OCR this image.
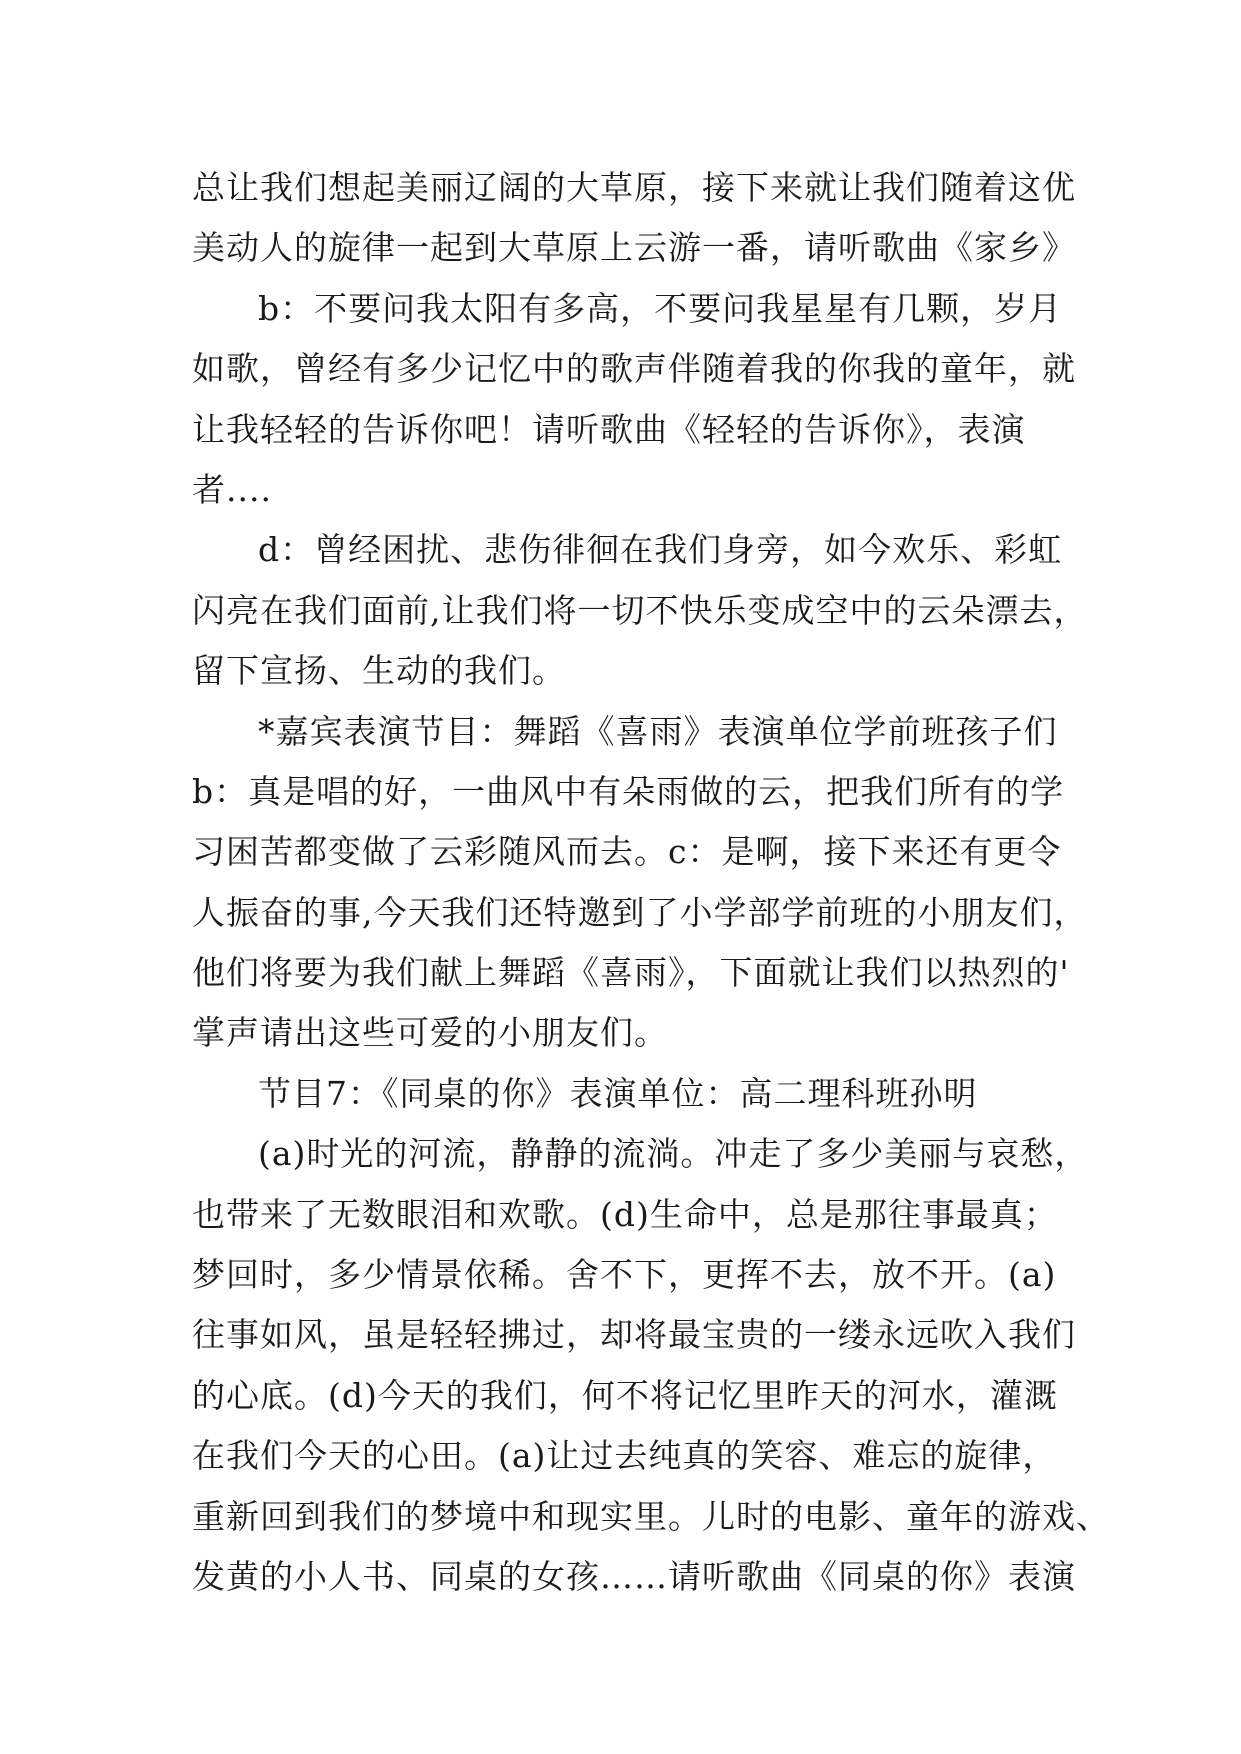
总让我们想起美丽辽阔的大草原，接下来就让我们随着这优
美动人的旋律一起到大草原上云游一番，请听歌曲《家乡》
b：不要问我太阳有多高，不要问我星星有几颗，岁月
如歌，曾经有多少记忆中的歌声伴随着我的你我的童年，就
让我轻轻的告诉你吧！请听歌曲《轻轻的告诉你》，表演
者....
d：曾经困扰、悲伤徘徊在我们身旁，如今欢乐、彩虹
闪亮在我们面前,让我们将一切不快乐变成空中的云朵漂去，
留下宣扬、生动的我们。
*嘉宾表演节目：舞蹈《喜雨》表演单位学前班孩子们
b：真是唱的好，一曲风中有朵雨做的云，把我们所有的学
习困苦都变做了云彩随风而去。c：是啊，接下来还有更令
人振奋的事,今天我们还特邀到了小学部学前班的小朋友们，
他们将要为我们献上舞蹈《喜雨》，下面就让我们以热烈的'
掌声请出这些可爱的小朋友们。
节目7：《同桌的你》表演单位：高二理科班孙明
(a)时光的河流，静静的流淌。冲走了多少美丽与哀愁，
也带来了无数眼泪和欢歌。(d)生命中，总是那往事最真；
梦回时，多少情景依稀。舍不下，更挥不去，放不开。(a)
往事如风，虽是轻轻拂过，却将最宝贵的一缕永远吹入我们
的心底。(d)今天的我们，何不将记忆里昨天的河水，灌溉
在我们今天的心田。(a)让过去纯真的笑容、难忘的旋律，
重新回到我们的梦境中和现实里。儿时的电影、童年的游戏、
发黄的小人书、同桌的女孩……请听歌曲《同桌的你》表演
